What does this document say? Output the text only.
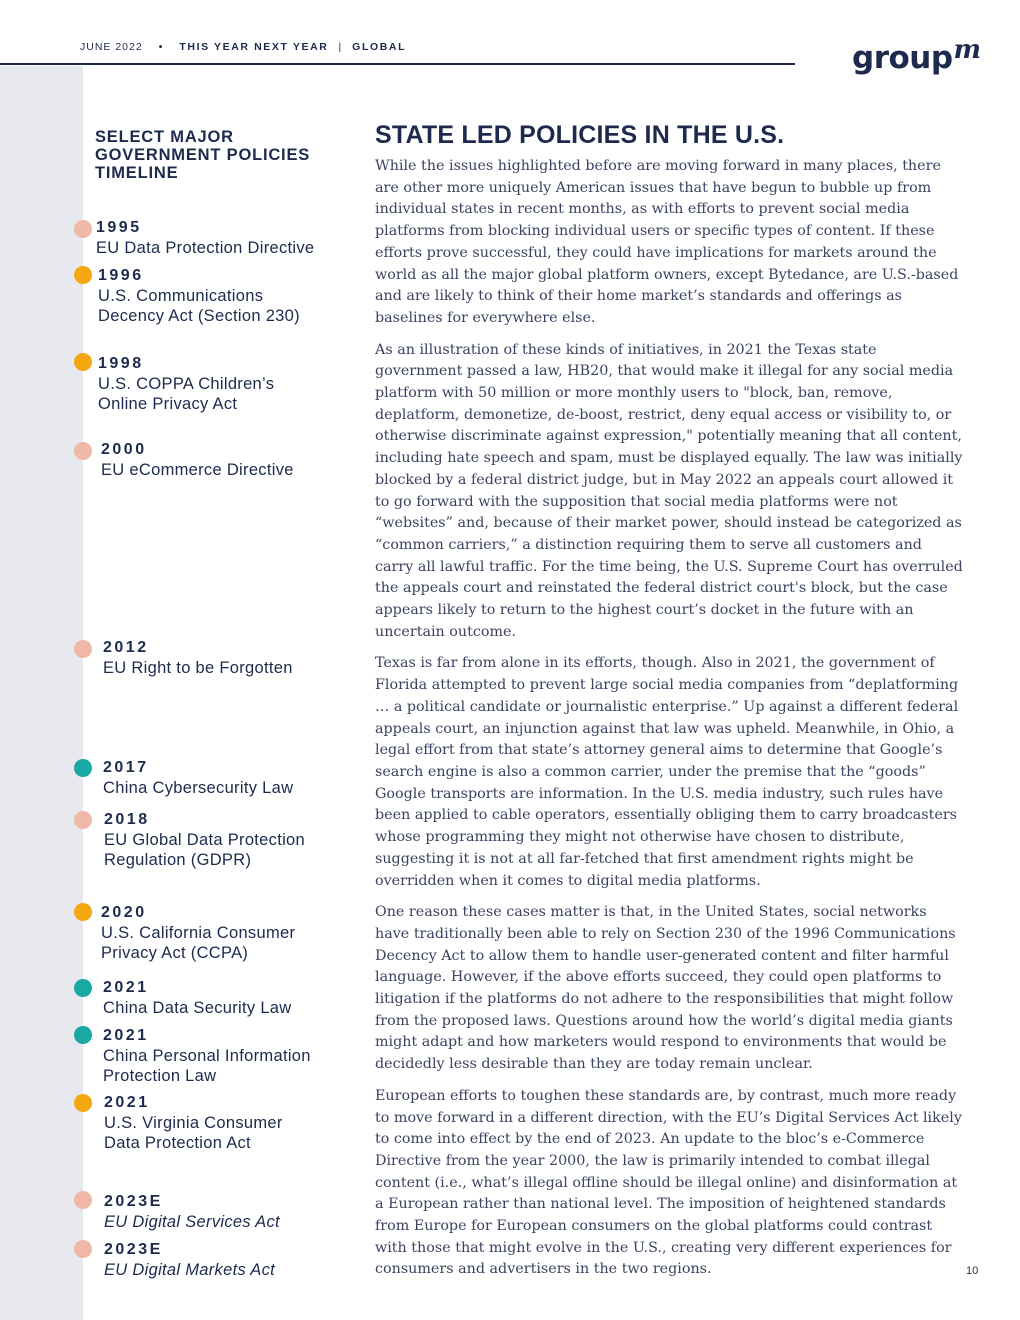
JUNE 2022 • THIS YEAR NEXT YEAR | GLOBAL	group$^m$
SELECT MAJOR GOVERNMENT POLICIES TIMELINE
1995
EU Data Protection Directive
1996
U.S. Communications Decency Act (Section 230)
1998
U.S. COPPA Children’s Online Privacy Act
2000
EU eCommerce Directive
2012
EU Right to be Forgotten
2017
China Cybersecurity Law
2018
EU Global Data Protection Regulation (GDPR)
2020
U.S. California Consumer Privacy Act (CCPA)
2021
China Data Security Law
2021
China Personal Information Protection Law
2021
U.S. Virginia Consumer Data Protection Act
2023E
EU Digital Services Act
2023E
EU Digital Markets Act
STATE LED POLICIES IN THE U.S.

While the issues highlighted before are moving forward in many places, there are other more uniquely American issues that have begun to bubble up from individual states in recent months, as with efforts to prevent social media platforms from blocking individual users or specific types of content. If these efforts prove successful, they could have implications for markets around the world as all the major global platform owners, except Bytedance, are U.S.-based and are likely to think of their home market’s standards and offerings as baselines for everywhere else.

As an illustration of these kinds of initiatives, in 2021 the Texas state government passed a law, HB20, that would make it illegal for any social media platform with 50 million or more monthly users to "block, ban, remove, deplatform, demonetize, de-boost, restrict, deny equal access or visibility to, or otherwise discriminate against expression," potentially meaning that all content, including hate speech and spam, must be displayed equally. The law was initially blocked by a federal district judge, but in May 2022 an appeals court allowed it to go forward with the supposition that social media platforms were not “websites” and, because of their market power, should instead be categorized as “common carriers,” a distinction requiring them to serve all customers and carry all lawful traffic. For the time being, the U.S. Supreme Court has overruled the appeals court and reinstated the federal district court's block, but the case appears likely to return to the highest court’s docket in the future with an uncertain outcome.

Texas is far from alone in its efforts, though. Also in 2021, the government of Florida attempted to prevent large social media companies from “deplatforming … a political candidate or journalistic enterprise.” Up against a different federal appeals court, an injunction against that law was upheld. Meanwhile, in Ohio, a legal effort from that state’s attorney general aims to determine that Google’s search engine is also a common carrier, under the premise that the “goods” Google transports are information. In the U.S. media industry, such rules have been applied to cable operators, essentially obliging them to carry broadcasters whose programming they might not otherwise have chosen to distribute, suggesting it is not at all far-fetched that first amendment rights might be overridden when it comes to digital media platforms.

One reason these cases matter is that, in the United States, social networks have traditionally been able to rely on Section 230 of the 1996 Communications Decency Act to allow them to handle user-generated content and filter harmful language. However, if the above efforts succeed, they could open platforms to litigation if the platforms do not adhere to the responsibilities that might follow from the proposed laws. Questions around how the world’s digital media giants might adapt and how marketers would respond to environments that would be decidedly less desirable than they are today remain unclear.

European efforts to toughen these standards are, by contrast, much more ready to move forward in a different direction, with the EU’s Digital Services Act likely to come into effect by the end of 2023. An update to the bloc’s e-Commerce Directive from the year 2000, the law is primarily intended to combat illegal content (i.e., what’s illegal offline should be illegal online) and disinformation at a European rather than national level. The imposition of heightened standards from Europe for European consumers on the global platforms could contrast with those that might evolve in the U.S., creating very different experiences for consumers and advertisers in the two regions.	10
